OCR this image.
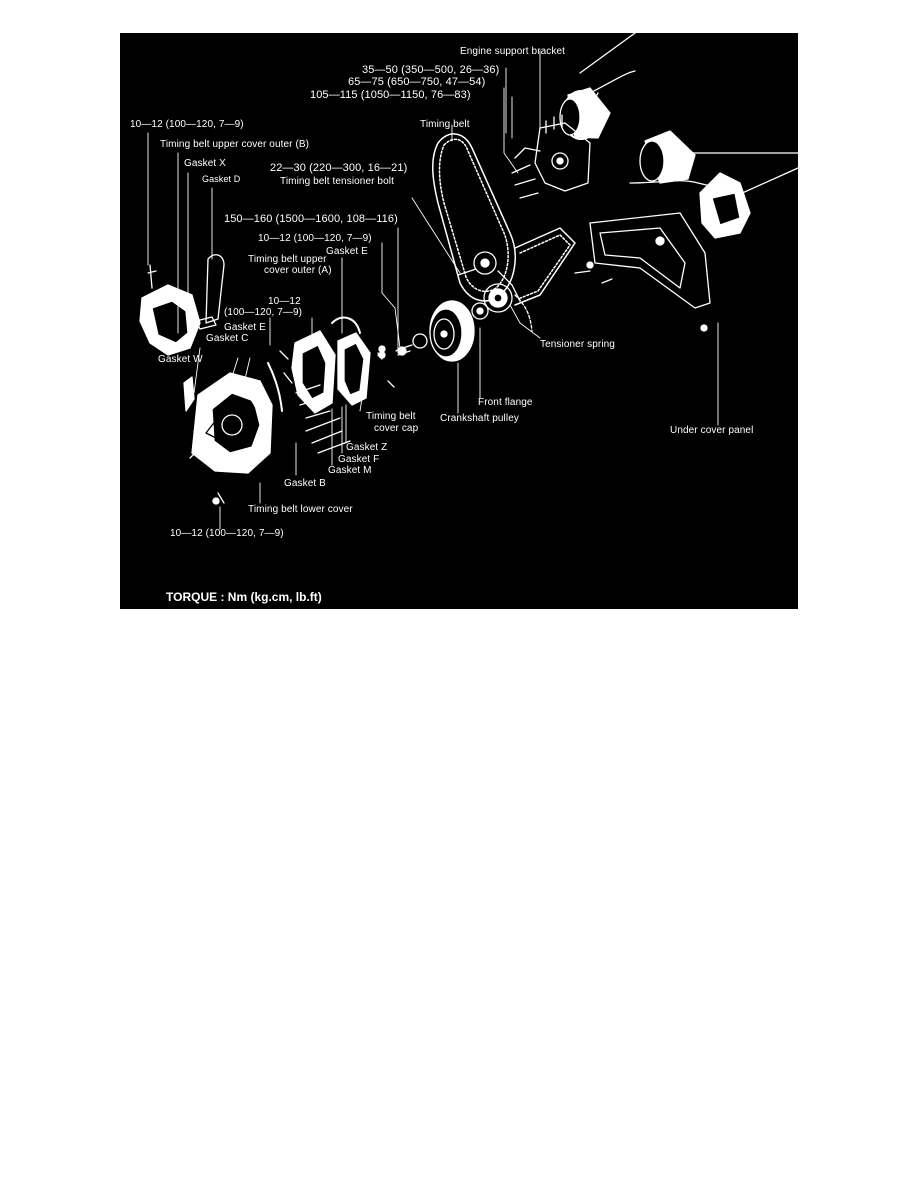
Engine support bracket
35—50 (350—500, 26—36)
65—75 (650—750, 47—54)
105—115 (1050—1150, 76—83)
10—12 (100—120, 7—9)
Timing belt upper cover outer (B)
Timing belt
Gasket X
Gasket D
22—30 (220—300, 16—21)
Timing belt tensioner bolt
150—160 (1500—1600, 108—116)
10—12 (100—120, 7—9)
Gasket E
Timing belt upper
cover outer (A)
10—12
(100—120, 7—9)
Gasket E
Gasket C
Gasket W
Tensioner spring
Front flange
Crankshaft pulley
Timing belt
cover cap	Under cover panel
Gasket Z
Gasket F
Gasket M
Gasket B
Timing belt lower cover
10—12 (100—120, 7—9)
TORQUE : Nm (kg.cm, lb.ft)
